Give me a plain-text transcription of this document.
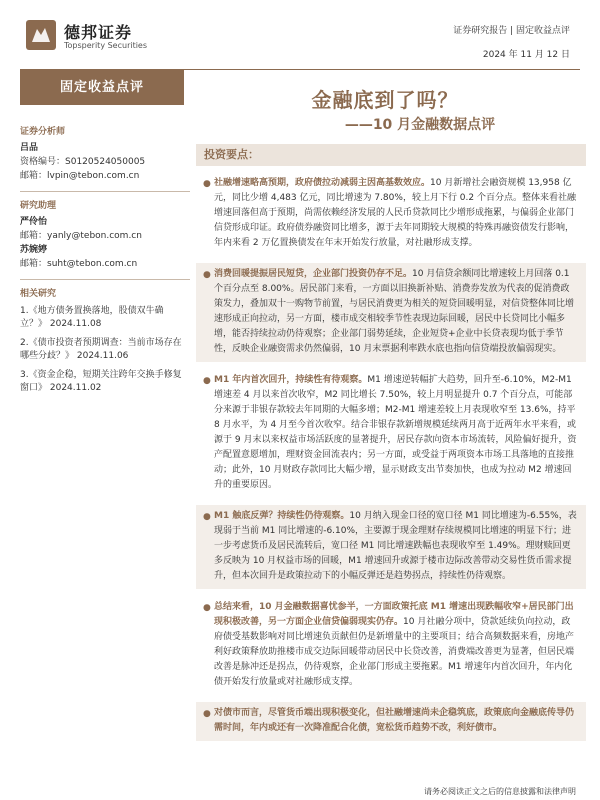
德邦证券
Topsperity Securities
证券研究报告 | 固定收益点评
2024 年 11 月 12 日
固定收益点评
金融底到了吗？
——10 月金融数据点评
证券分析师
吕品
资格编号：S0120524050005
邮箱：lvpin@tebon.com.cn
研究助理
严伶怡
邮箱：yanly@tebon.com.cn
苏婉婷
邮箱：suht@tebon.com.cn
相关研究
1.《地方债务置换落地，股债双牛确立？》 2024.11.08
2.《债市投资者预期调查：当前市场存在哪些分歧？》 2024.11.06
3.《资金企稳，短期关注跨年交换手修复窗口》 2024.11.02
投资要点：
● 社融增速略高预期，政府债拉动减弱主因高基数效应。10 月新增社会融资规模 13,958 亿元，同比少增 4,483 亿元，同比增速为 7.80%，较上月下行 0.2 个百分点。整体来看社融增速回落但高于预期，尚需依赖经济发展的人民币贷款同比少增形成拖累，与偏弱企业部门信贷形成印证。政府债券融资同比增多，源于去年同期较大规模的特殊再融资债发行影响，年内来看 2 万亿置换债发在年末开始发行放量，对社融形成支撑。
● 消费回暖提振居民短贷，企业部门投资仍存不足。10 月信贷余额同比增速较上月回落 0.1 个百分点至 8.00%。居民部门来看，一方面以旧换新补贴、消费券发放为代表的促消费政策发力，叠加双十一购物节前置，与居民消费更为相关的短贷回暖明显，对信贷整体同比增速形成正向拉动，另一方面，楼市成交相较季节性表现边际回暖，居民中长贷同比小幅多增，能否持续拉动仍待观察；企业部门弱势延续，企业短贷+企业中长贷表现均低于季节性，反映企业融资需求仍然偏弱，10 月末票据利率跌水底也指向信贷端投放偏弱现实。
● M1 年内首次回升，持续性有待观察。M1 增速逆转幅扩大趋势，回升至-6.10%，M2-M1 增速差 4 月以来首次收窄，M2 同比增长 7.50%，较上月明显提升 0.7 个百分点，可能部分来源于非银存款较去年同期的大幅多增；M2-M1 增速差较上月表现收窄至 13.6%，持平 8 月水平，为 4 月至今首次收窄。结合非银存款新增规模延续两月高于近两年水平来看，或源于 9 月末以来权益市场活跃度的显著提升，居民存款向资本市场流转，风险偏好提升，资产配置意愿增加，理财资金回流表内；另一方面，或受益于两项资本市场工具落地的直接推动；此外，10 月财政存款同比大幅少增，显示财政支出节奏加快，也成为拉动 M2 增速回升的重要原因。
● M1 触底反弹？持续性仍待观察。10 月纳入现金口径的宽口径 M1 同比增速为-6.55%，表现弱于当前 M1 同比增速的-6.10%，主要源于现金理财存续规模同比增速的明显下行；进一步考虑货币及居民流转后，宽口径 M1 同比增速跌幅也表现收窄至 1.49%。理财赎回更多反映为 10 月权益市场的回暖，M1 增速回升或源于楼市边际改善带动交易性货币需求提升，但本次回升是政策拉动下的小幅反弹还是趋势拐点，持续性仍待观察。
● 总结来看，10 月金融数据喜忧参半，一方面政策托底 M1 增速出现跌幅收窄+居民部门出现积极改善，另一方面企业信贷偏弱现实仍存。10 月社融分项中，贷款延续负向拉动，政府债受基数影响对同比增速负贡献但仍是新增量中的主要项目；结合高频数据来看，房地产利好政策释放助推楼市成交边际回暖带动居民中长贷改善，消费端改善更为显著，但居民端改善是脉冲还是拐点，仍待观察，企业部门形成主要拖累。M1 增速年内首次回升，年内化债开始发行放量或对社融形成支撑。
● 对债市而言，尽管货币端出现积极变化，但社融增速尚未企稳筑底，政策底向金融底传导仍需时间，年内或还有一次降准配合化债，宽松货币趋势不改，利好债市。
请务必阅读正文之后的信息披露和法律声明
